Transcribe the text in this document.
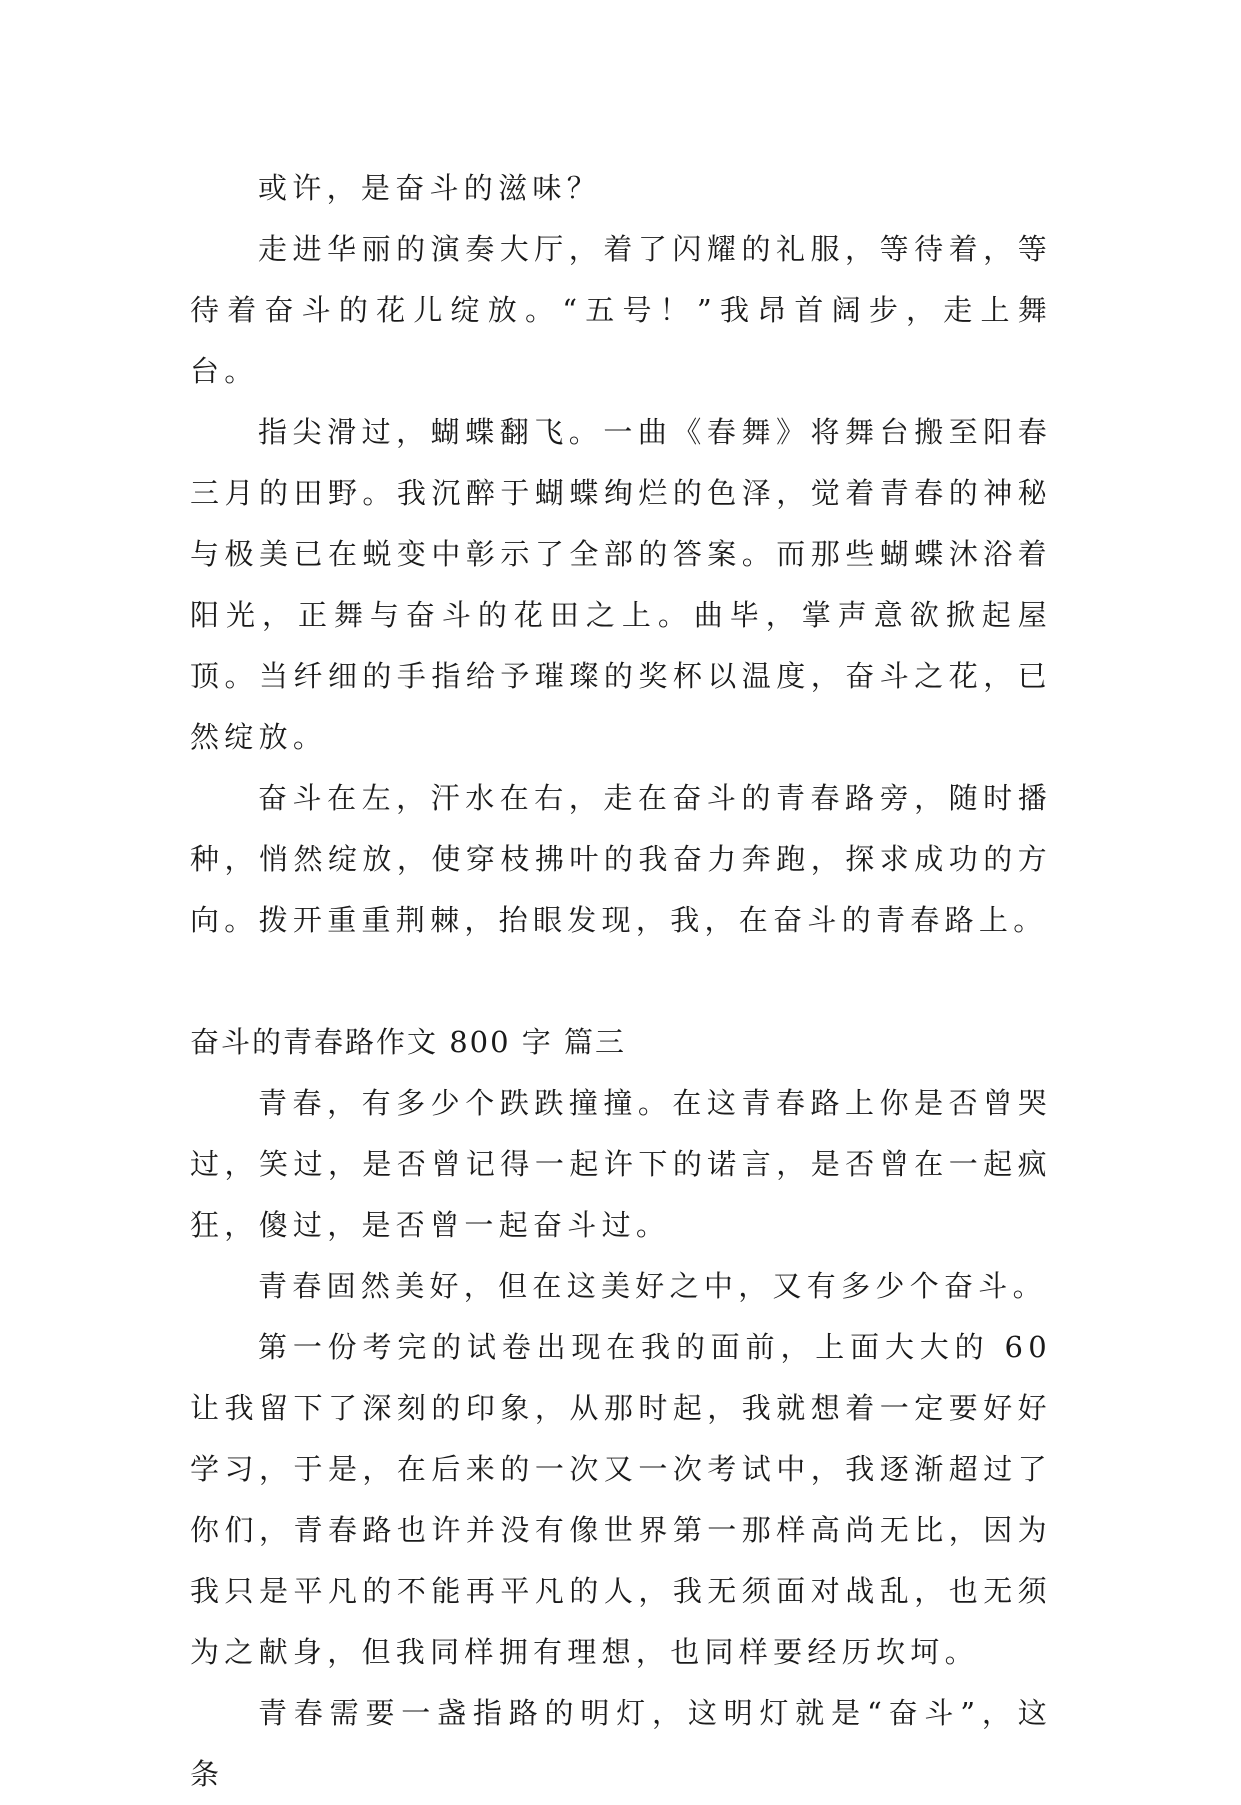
或许，是奋斗的滋味？

走进华丽的演奏大厅，着了闪耀的礼服，等待着，等待着奋斗的花儿绽放。“五号！”我昂首阔步，走上舞台。

指尖滑过，蝴蝶翻飞。一曲《春舞》将舞台搬至阳春三月的田野。我沉醉于蝴蝶绚烂的色泽，觉着青春的神秘与极美已在蜕变中彰示了全部的答案。而那些蝴蝶沐浴着阳光，正舞与奋斗的花田之上。曲毕，掌声意欲掀起屋顶。当纤细的手指给予璀璨的奖杯以温度，奋斗之花，已然绽放。

奋斗在左，汗水在右，走在奋斗的青春路旁，随时播种，悄然绽放，使穿枝拂叶的我奋力奔跑，探求成功的方向。拨开重重荆棘，抬眼发现，我，在奋斗的青春路上。

奋斗的青春路作文 800 字 篇三

青春，有多少个跌跌撞撞。在这青春路上你是否曾哭过，笑过，是否曾记得一起许下的诺言，是否曾在一起疯狂，傻过，是否曾一起奋斗过。

青春固然美好，但在这美好之中，又有多少个奋斗。

第一份考完的试卷出现在我的面前，上面大大的 60 让我留下了深刻的印象，从那时起，我就想着一定要好好学习，于是，在后来的一次又一次考试中，我逐渐超过了你们，青春路也许并没有像世界第一那样高尚无比，因为我只是平凡的不能再平凡的人，我无须面对战乱，也无须为之献身，但我同样拥有理想，也同样要经历坎坷。

青春需要一盏指路的明灯，这明灯就是“奋斗”，这条
